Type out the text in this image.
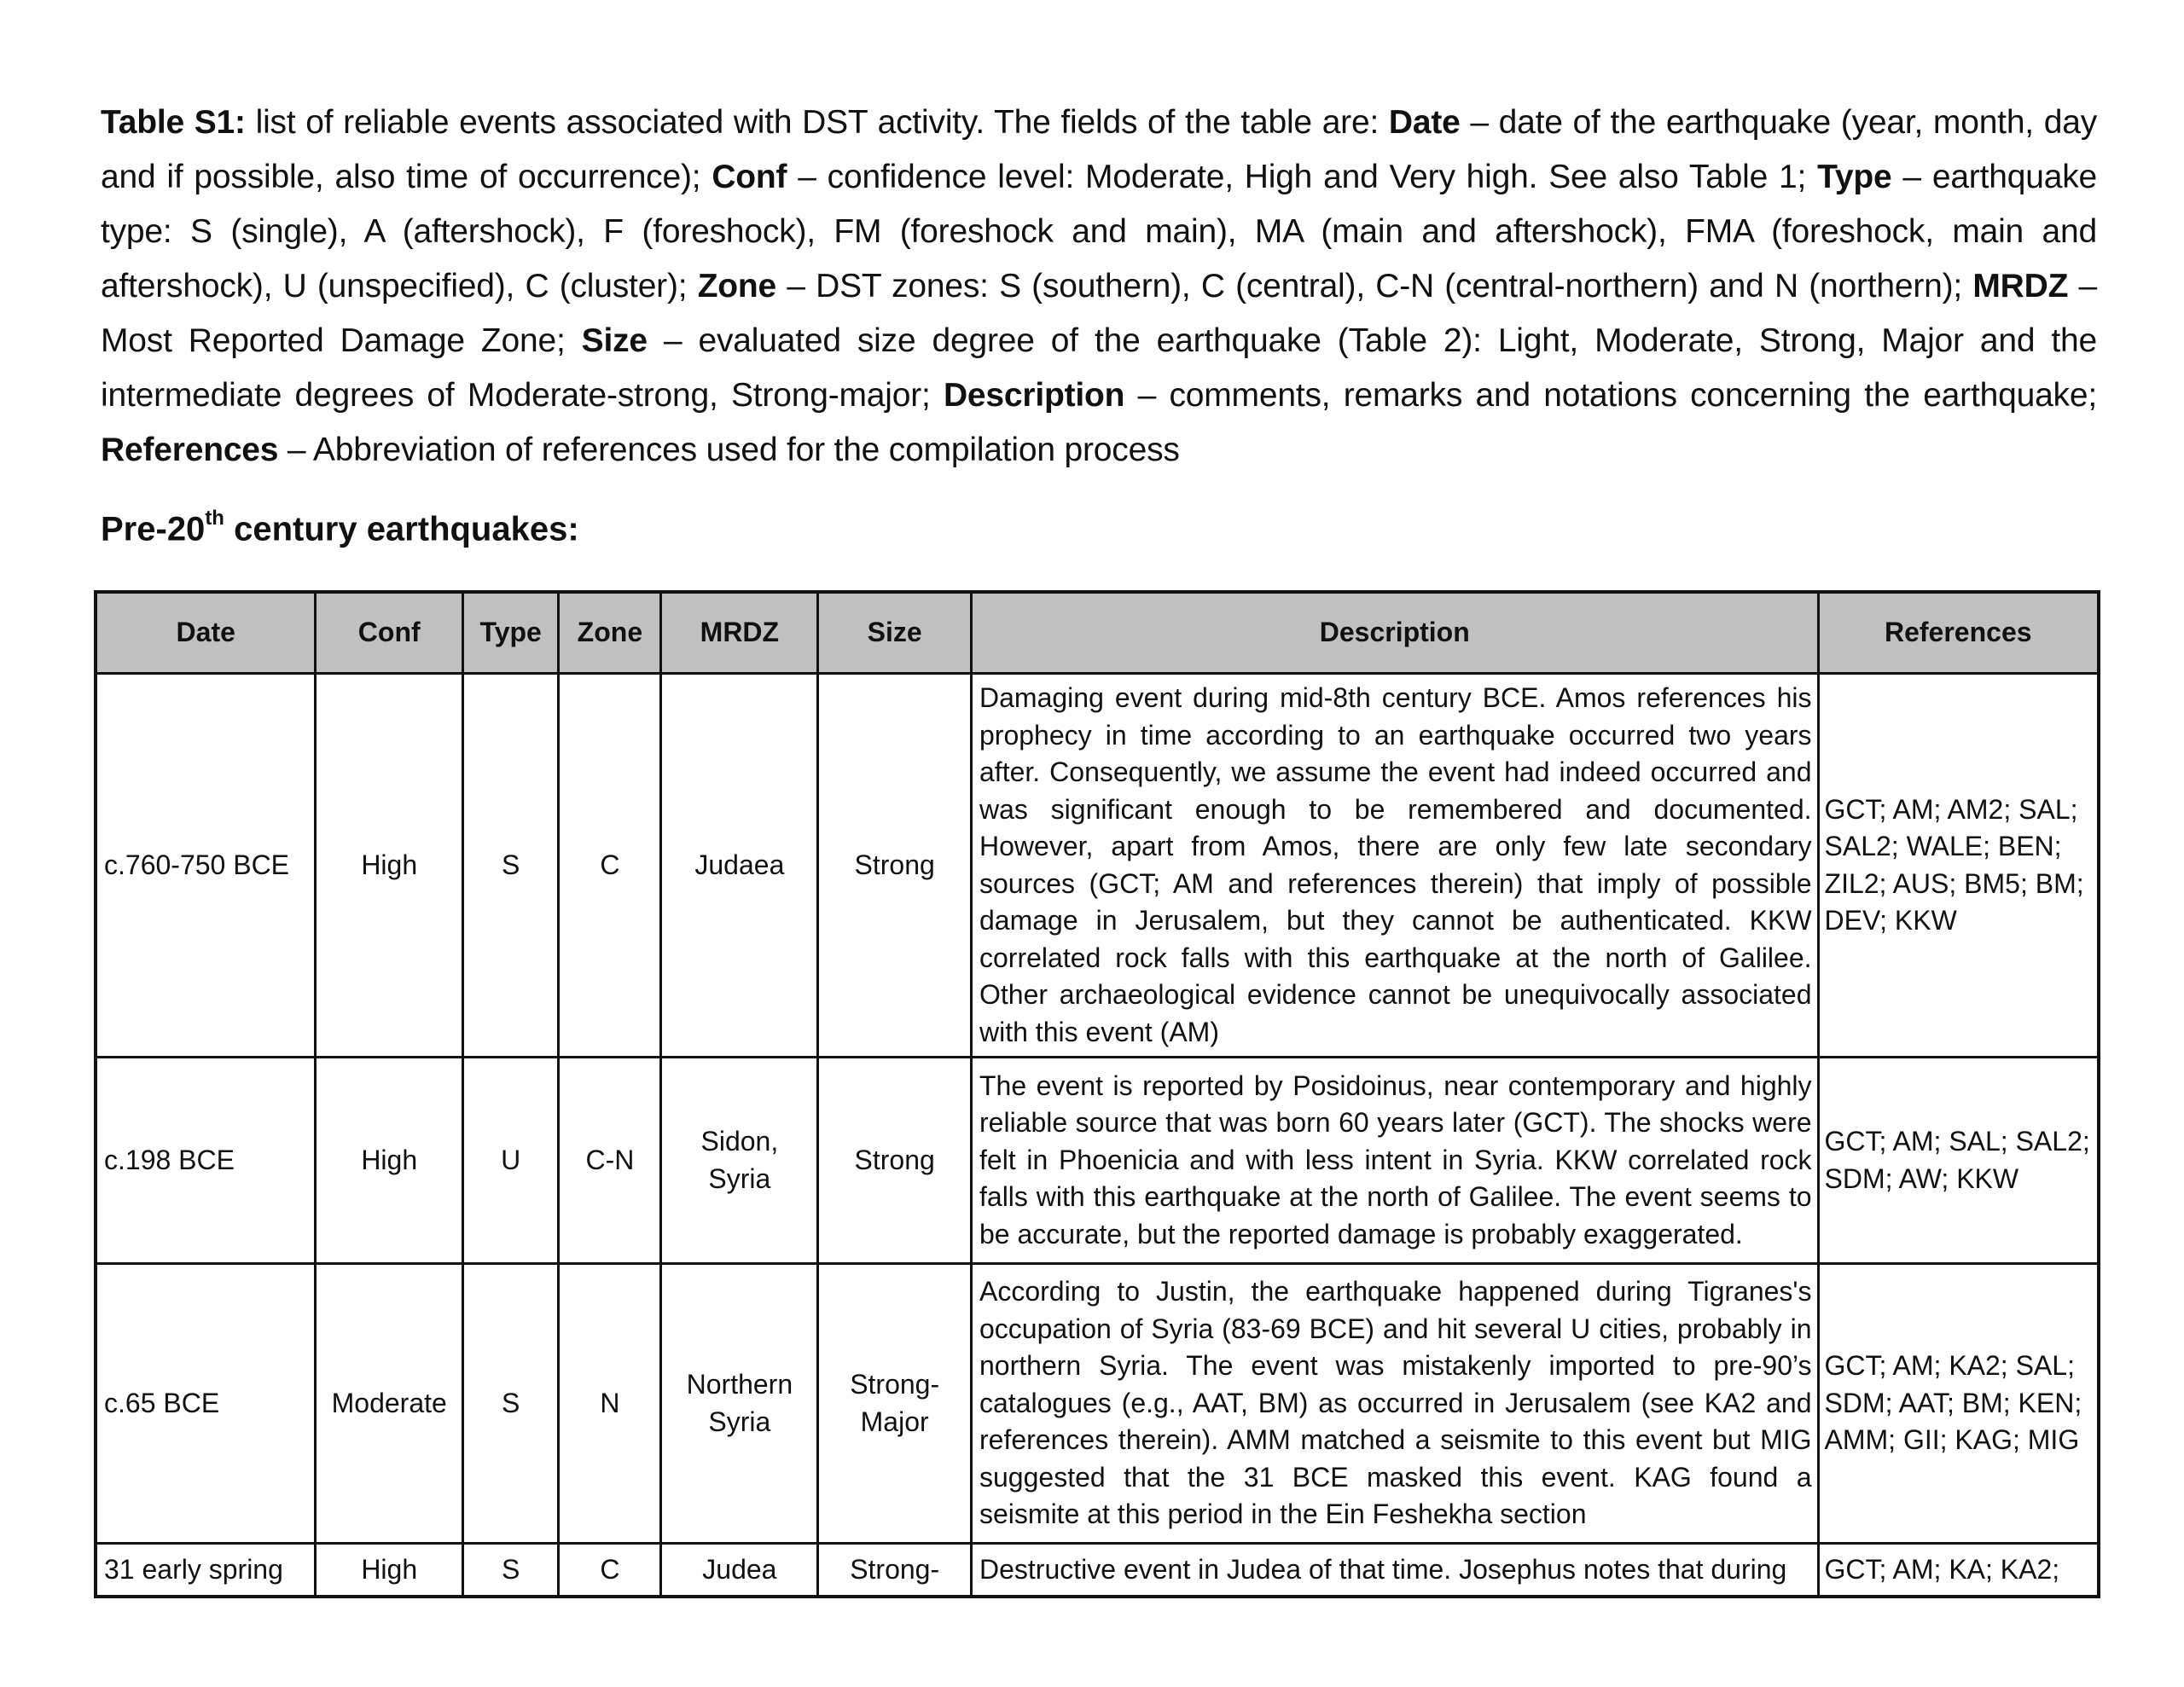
Table S1: list of reliable events associated with DST activity. The fields of the table are: Date – date of the earthquake (year, month, day and if possible, also time of occurrence); Conf – confidence level: Moderate, High and Very high. See also Table 1; Type – earthquake type: S (single), A (aftershock), F (foreshock), FM (foreshock and main), MA (main and aftershock), FMA (foreshock, main and aftershock), U (unspecified), C (cluster); Zone – DST zones: S (southern), C (central), C-N (central-northern) and N (northern); MRDZ – Most Reported Damage Zone; Size – evaluated size degree of the earthquake (Table 2): Light, Moderate, Strong, Major and the intermediate degrees of Moderate-strong, Strong-major; Description – comments, remarks and notations concerning the earthquake; References – Abbreviation of references used for the compilation process
Pre-20th century earthquakes:
Date	Conf	Type	Zone	MRDZ	Size	Description	References
c.760-750 BCE	High	S	C	Judaea	Strong	Damaging event during mid-8th century BCE. Amos references his prophecy in time according to an earthquake occurred two years after. Consequently, we assume the event had indeed occurred and was significant enough to be remembered and documented. However, apart from Amos, there are only few late secondary sources (GCT; AM and references therein) that imply of possible damage in Jerusalem, but they cannot be authenticated. KKW correlated rock falls with this earthquake at the north of Galilee. Other archaeological evidence cannot be unequivocally associated with this event (AM)	GCT; AM; AM2; SAL; SAL2; WALE; BEN; ZIL2; AUS; BM5; BM; DEV; KKW
c.198 BCE	High	U	C-N	Sidon, Syria	Strong	The event is reported by Posidoinus, near contemporary and highly reliable source that was born 60 years later (GCT). The shocks were felt in Phoenicia and with less intent in Syria. KKW correlated rock falls with this earthquake at the north of Galilee. The event seems to be accurate, but the reported damage is probably exaggerated.	GCT; AM; SAL; SAL2; SDM; AW; KKW
c.65 BCE	Moderate	S	N	Northern Syria	Strong-Major	According to Justin, the earthquake happened during Tigranes's occupation of Syria (83-69 BCE) and hit several U cities, probably in northern Syria. The event was mistakenly imported to pre-90’s catalogues (e.g., AAT, BM) as occurred in Jerusalem (see KA2 and references therein). AMM matched a seismite to this event but MIG suggested that the 31 BCE masked this event. KAG found a seismite at this period in the Ein Feshekha section	GCT; AM; KA2; SAL; SDM; AAT; BM; KEN; AMM; GII; KAG; MIG
31 early spring	High	S	C	Judea	Strong-	Destructive event in Judea of that time. Josephus notes that during	GCT; AM; KA; KA2;
